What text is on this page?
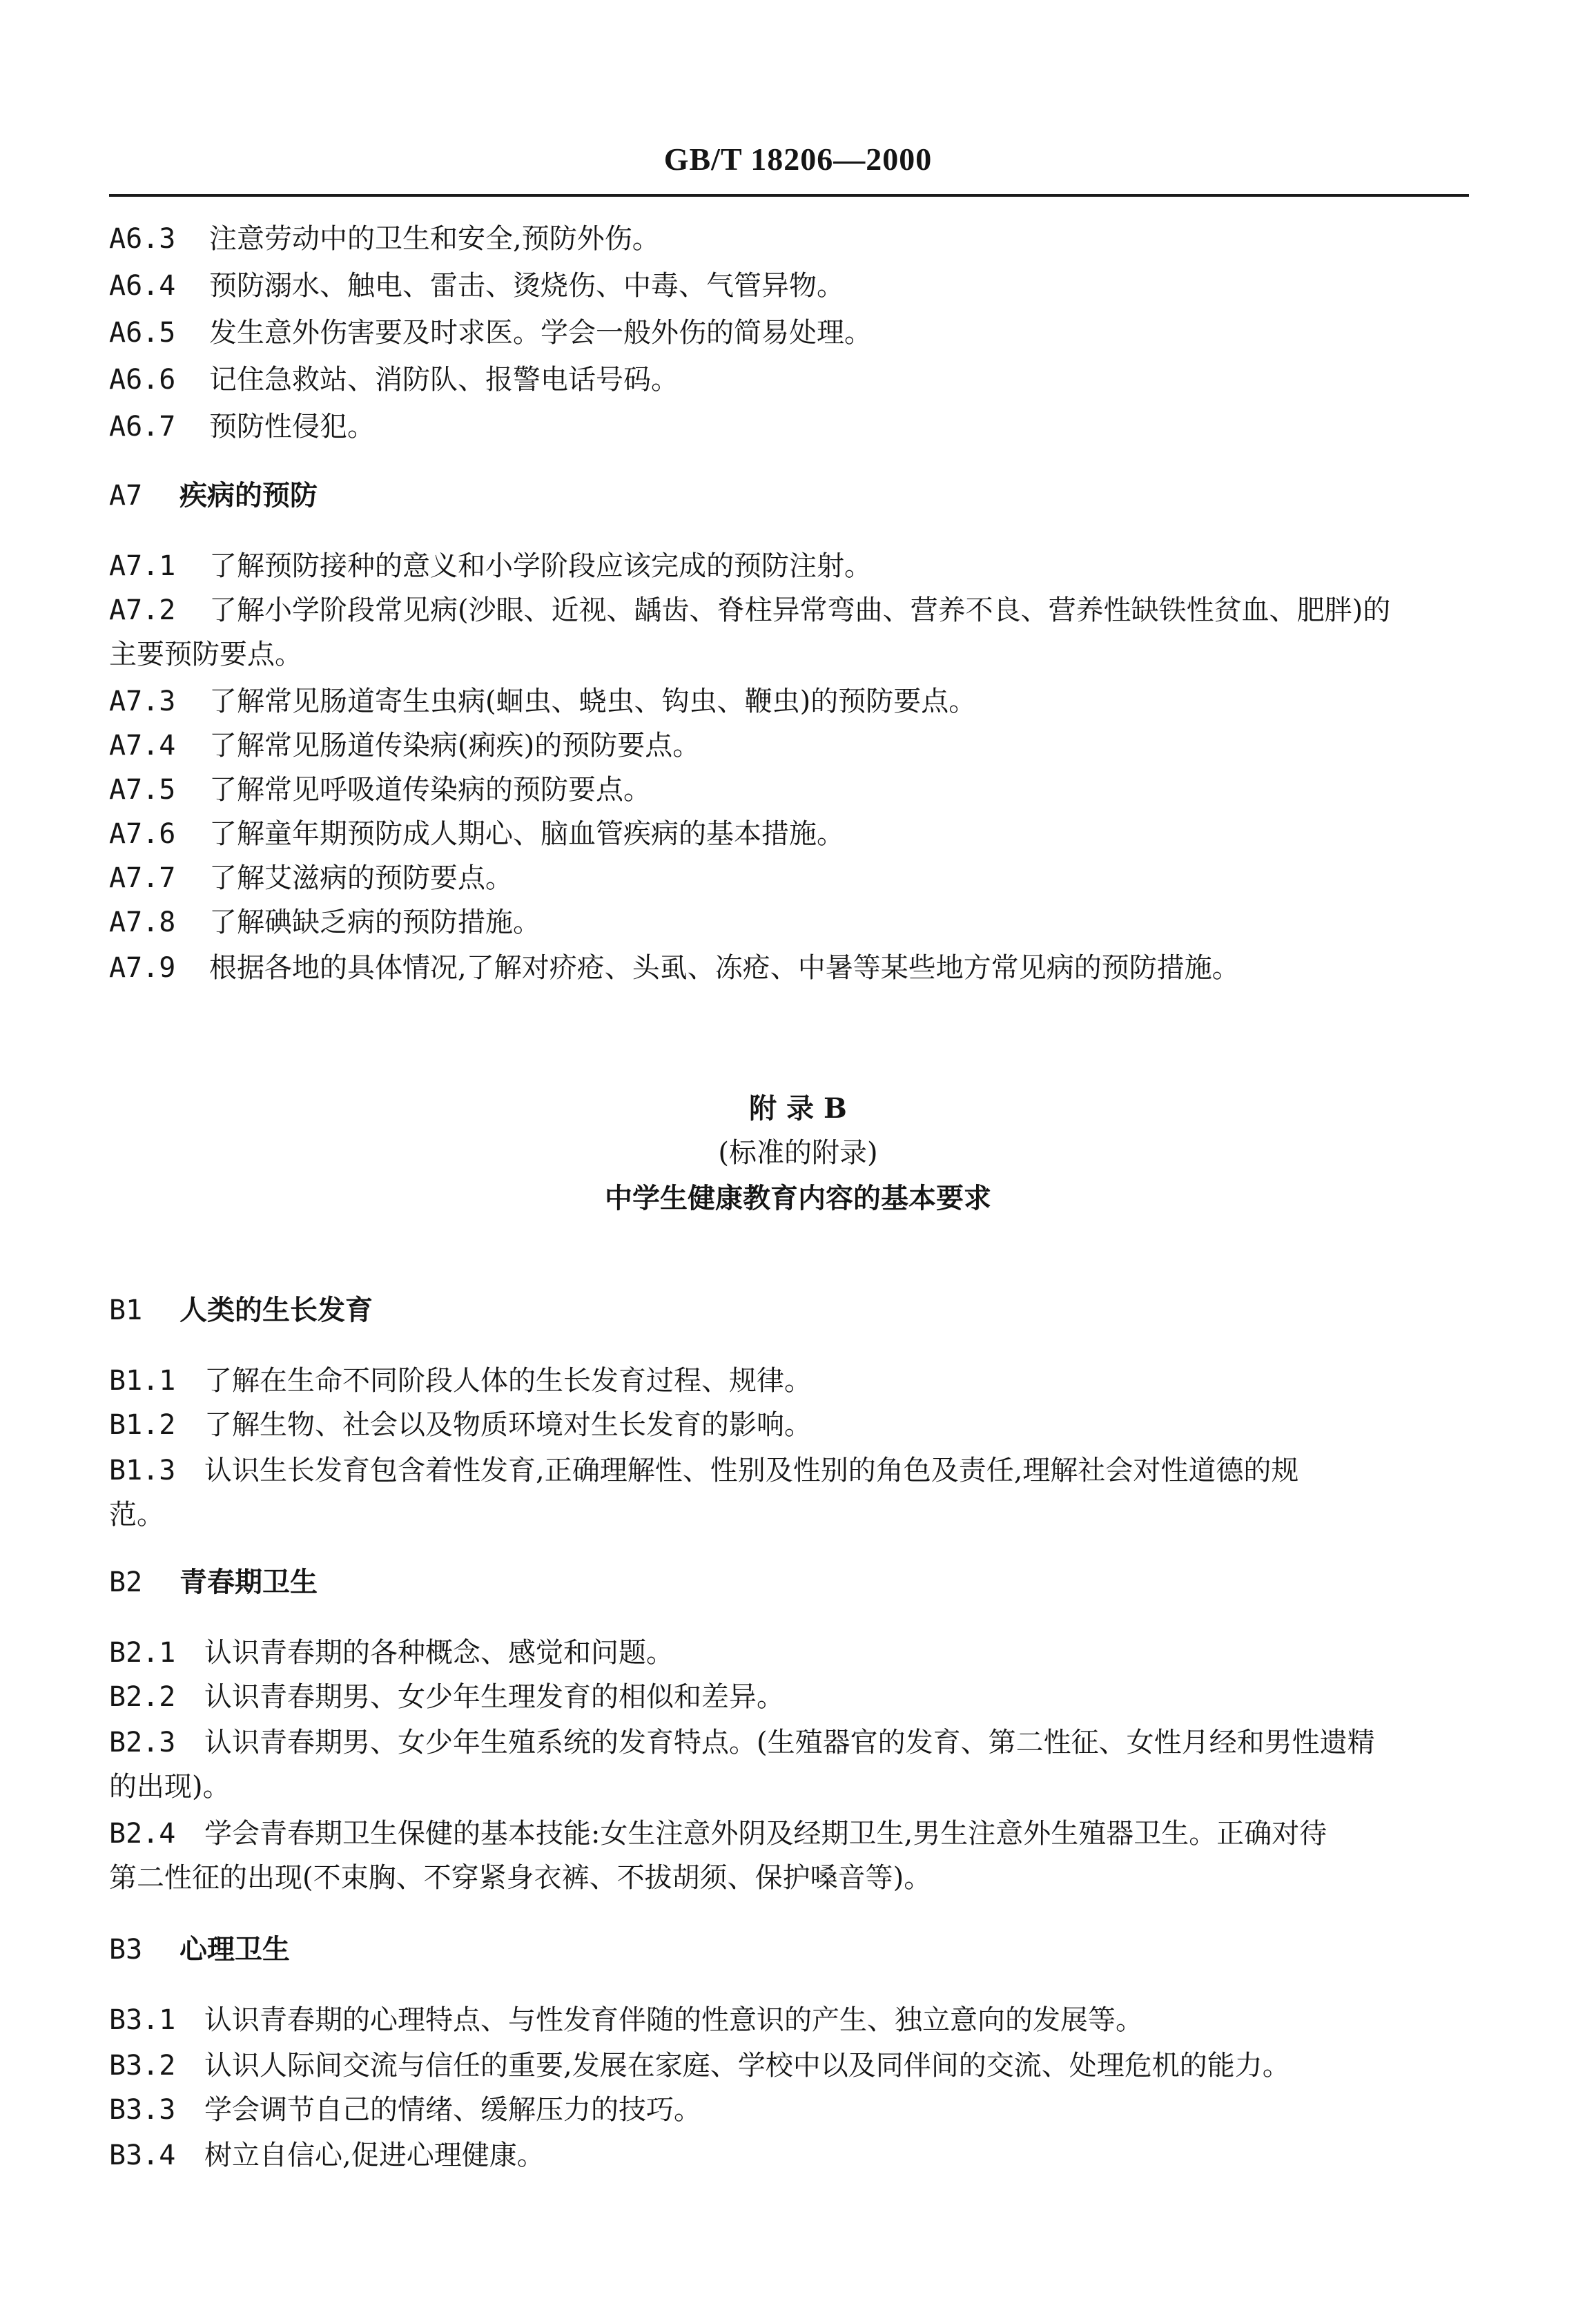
GB/T 18206—2000
A6.3 注意劳动中的卫生和安全,预防外伤。
A6.4 预防溺水、触电、雷击、烫烧伤、中毒、气管异物。
A6.5 发生意外伤害要及时求医。学会一般外伤的简易处理。
A6.6 记住急救站、消防队、报警电话号码。
A6.7 预防性侵犯。
A7 疾病的预防
A7.1 了解预防接种的意义和小学阶段应该完成的预防注射。
A7.2 了解小学阶段常见病(沙眼、近视、龋齿、脊柱异常弯曲、营养不良、营养性缺铁性贫血、肥胖)的
主要预防要点。
A7.3 了解常见肠道寄生虫病(蛔虫、蛲虫、钩虫、鞭虫)的预防要点。
A7.4 了解常见肠道传染病(痢疾)的预防要点。
A7.5 了解常见呼吸道传染病的预防要点。
A7.6 了解童年期预防成人期心、脑血管疾病的基本措施。
A7.7 了解艾滋病的预防要点。
A7.8 了解碘缺乏病的预防措施。
A7.9 根据各地的具体情况,了解对疥疮、头虱、冻疮、中暑等某些地方常见病的预防措施。
附 录 B
(标准的附录)
中学生健康教育内容的基本要求
B1 人类的生长发育
B1.1 了解在生命不同阶段人体的生长发育过程、规律。
B1.2 了解生物、社会以及物质环境对生长发育的影响。
B1.3 认识生长发育包含着性发育,正确理解性、性别及性别的角色及责任,理解社会对性道德的规
范。
B2 青春期卫生
B2.1 认识青春期的各种概念、感觉和问题。
B2.2 认识青春期男、女少年生理发育的相似和差异。
B2.3 认识青春期男、女少年生殖系统的发育特点。(生殖器官的发育、第二性征、女性月经和男性遗精
的出现)。
B2.4 学会青春期卫生保健的基本技能:女生注意外阴及经期卫生,男生注意外生殖器卫生。正确对待
第二性征的出现(不束胸、不穿紧身衣裤、不拔胡须、保护嗓音等)。
B3 心理卫生
B3.1 认识青春期的心理特点、与性发育伴随的性意识的产生、独立意向的发展等。
B3.2 认识人际间交流与信任的重要,发展在家庭、学校中以及同伴间的交流、处理危机的能力。
B3.3 学会调节自己的情绪、缓解压力的技巧。
B3.4 树立自信心,促进心理健康。
